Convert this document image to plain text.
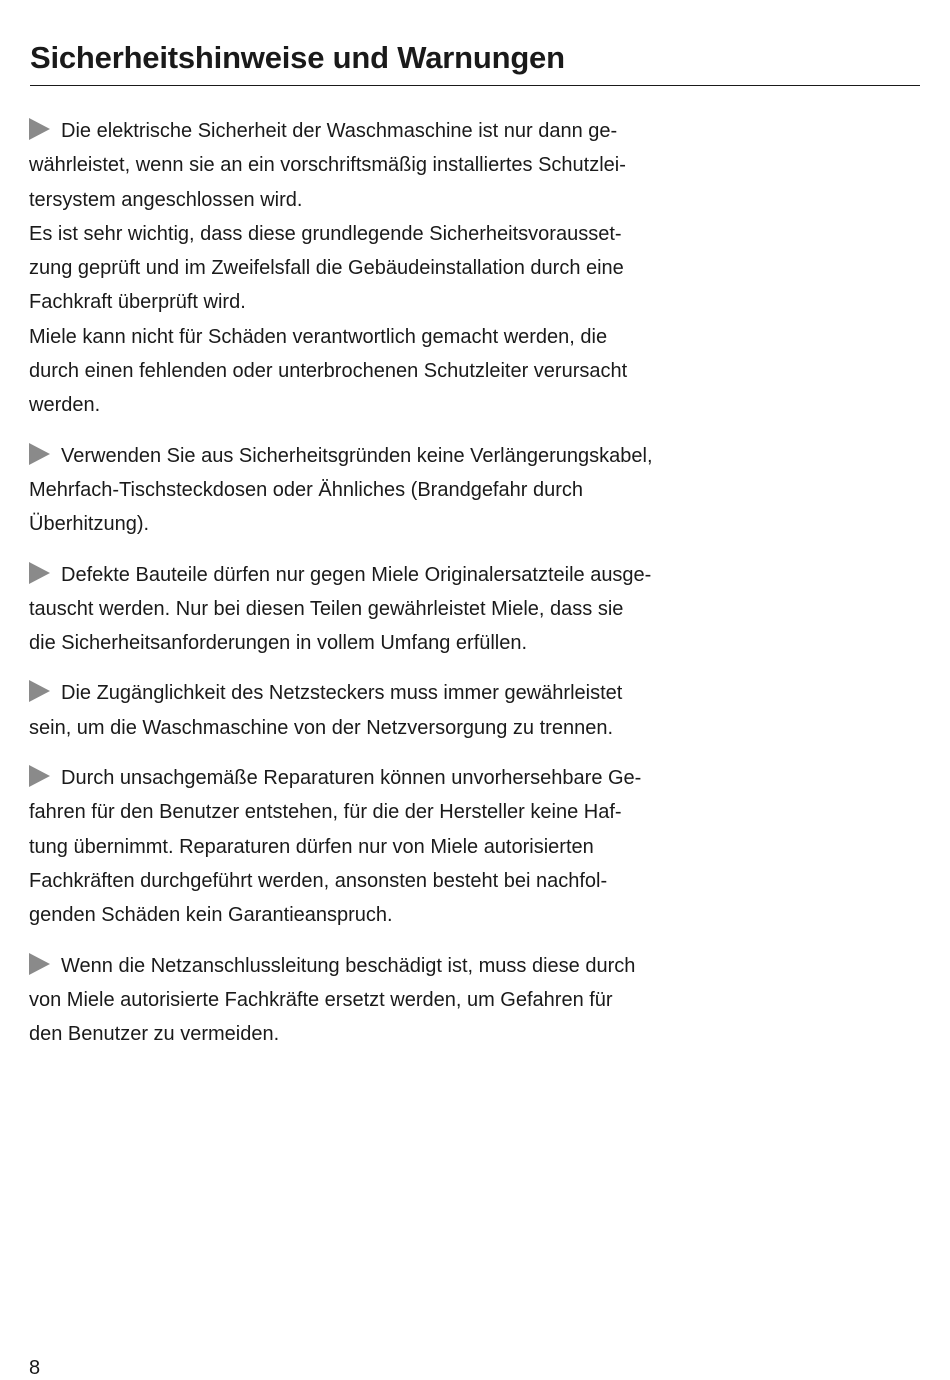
Sicherheitshinweise und Warnungen

Die elektrische Sicherheit der Waschmaschine ist nur dann ge-
währleistet, wenn sie an ein vorschriftsmäßig installiertes Schutzlei-
tersystem angeschlossen wird.
Es ist sehr wichtig, dass diese grundlegende Sicherheitsvorausset-
zung geprüft und im Zweifelsfall die Gebäudeinstallation durch eine
Fachkraft überprüft wird.
Miele kann nicht für Schäden verantwortlich gemacht werden, die
durch einen fehlenden oder unterbrochenen Schutzleiter verursacht
werden.

Verwenden Sie aus Sicherheitsgründen keine Verlängerungskabel,
Mehrfach-Tischsteckdosen oder Ähnliches (Brandgefahr durch
Überhitzung).

Defekte Bauteile dürfen nur gegen Miele Originalersatzteile ausge-
tauscht werden. Nur bei diesen Teilen gewährleistet Miele, dass sie
die Sicherheitsanforderungen in vollem Umfang erfüllen.

Die Zugänglichkeit des Netzsteckers muss immer gewährleistet
sein, um die Waschmaschine von der Netzversorgung zu trennen.

Durch unsachgemäße Reparaturen können unvorhersehbare Ge-
fahren für den Benutzer entstehen, für die der Hersteller keine Haf-
tung übernimmt. Reparaturen dürfen nur von Miele autorisierten
Fachkräften durchgeführt werden, ansonsten besteht bei nachfol-
genden Schäden kein Garantieanspruch.

Wenn die Netzanschlussleitung beschädigt ist, muss diese durch
von Miele autorisierte Fachkräfte ersetzt werden, um Gefahren für
den Benutzer zu vermeiden.

8
